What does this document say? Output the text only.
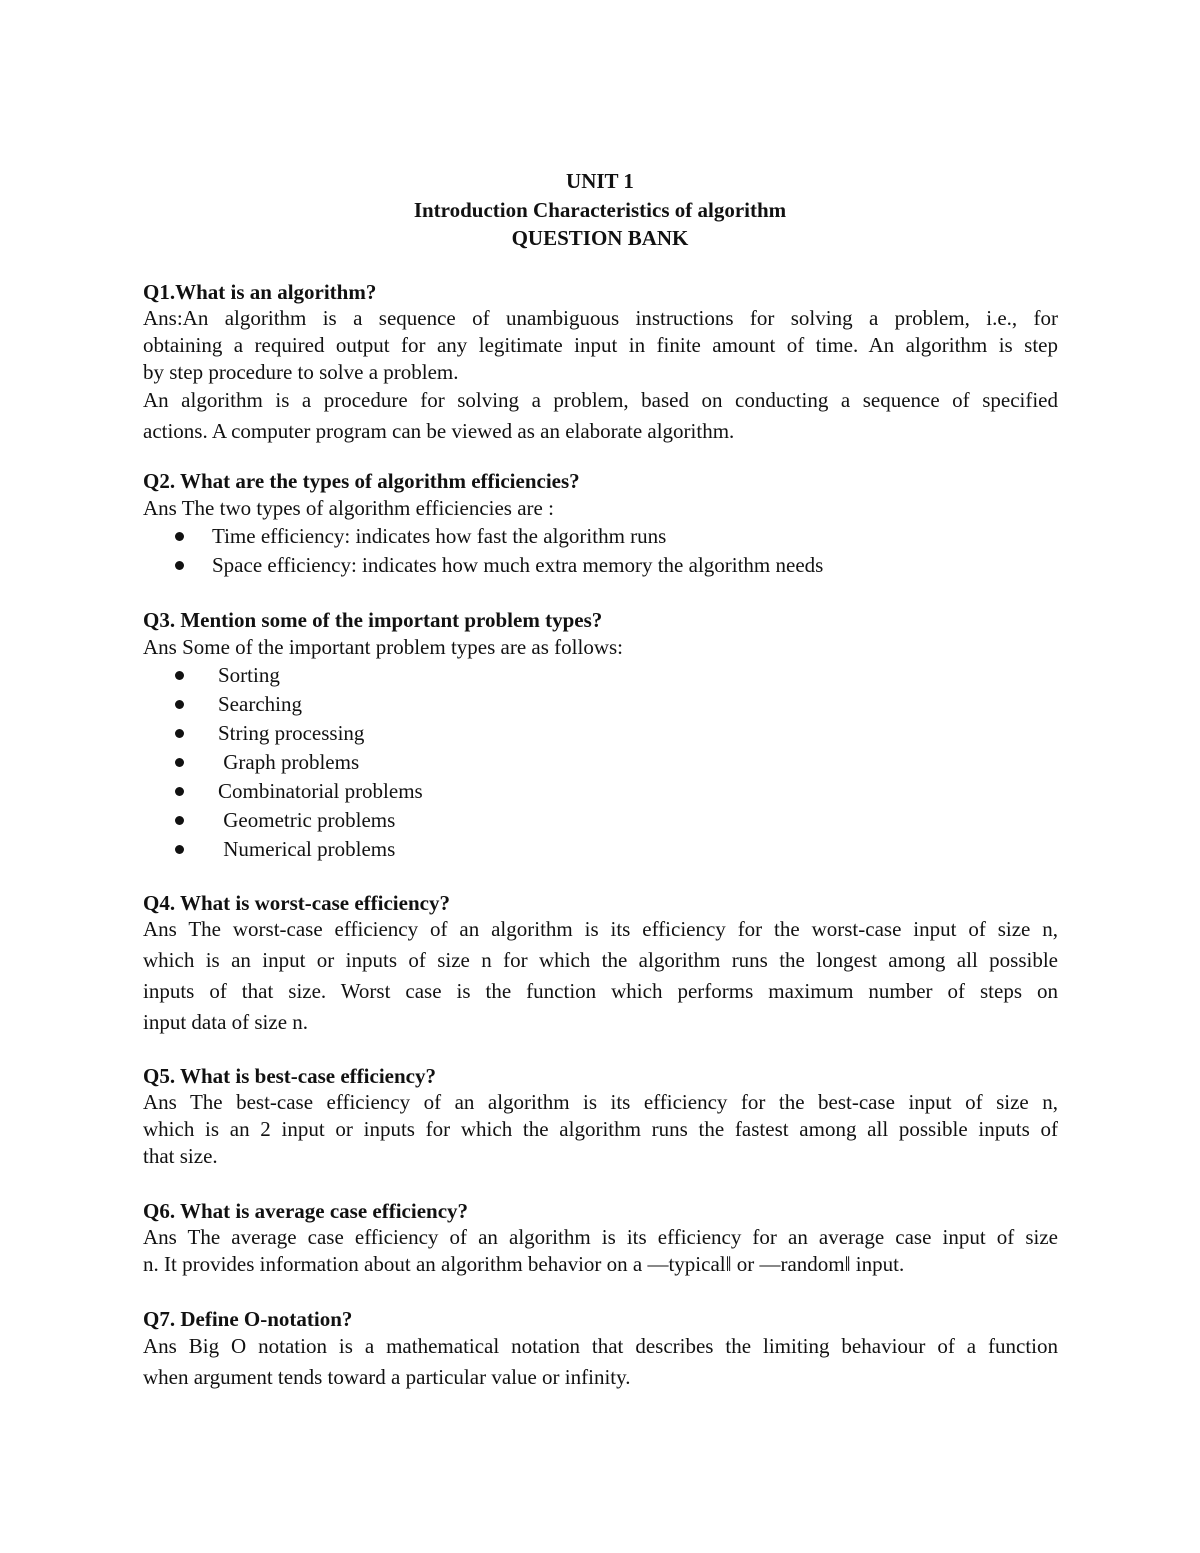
UNIT 1
Introduction Characteristics of algorithm
QUESTION BANK
Q1.What is an algorithm?
Ans:An algorithm is a sequence of unambiguous instructions for solving a problem, i.e., for
obtaining a required output for any legitimate input in finite amount of time. An algorithm is step
by step procedure to solve a problem.
An algorithm is a procedure for solving a problem, based on conducting a sequence of specified
actions. A computer program can be viewed as an elaborate algorithm.
Q2. What are the types of algorithm efficiencies?
Ans The two types of algorithm efficiencies are :
Time efficiency: indicates how fast the algorithm runs
Space efficiency: indicates how much extra memory the algorithm needs
Q3. Mention some of the important problem types?
Ans Some of the important problem types are as follows:
Sorting
Searching
String processing
Graph problems
Combinatorial problems
Geometric problems
Numerical problems
Q4. What is worst-case efficiency?
Ans The worst-case efficiency of an algorithm is its efficiency for the worst-case input of size n,
which is an input or inputs of size n for which the algorithm runs the longest among all possible
inputs of that size. Worst case is the function which performs maximum number of steps on
input data of size n.
Q5. What is best-case efficiency?
Ans The best-case efficiency of an algorithm is its efficiency for the best-case input of size n,
which is an 2 input or inputs for which the algorithm runs the fastest among all possible inputs of
that size.
Q6. What is average case efficiency?
Ans The average case efficiency of an algorithm is its efficiency for an average case input of size
n. It provides information about an algorithm behavior on a ―typical‖ or ―random‖ input.
Q7. Define O-notation?
Ans Big O notation is a mathematical notation that describes the limiting behaviour of a function
when argument tends toward a particular value or infinity.
